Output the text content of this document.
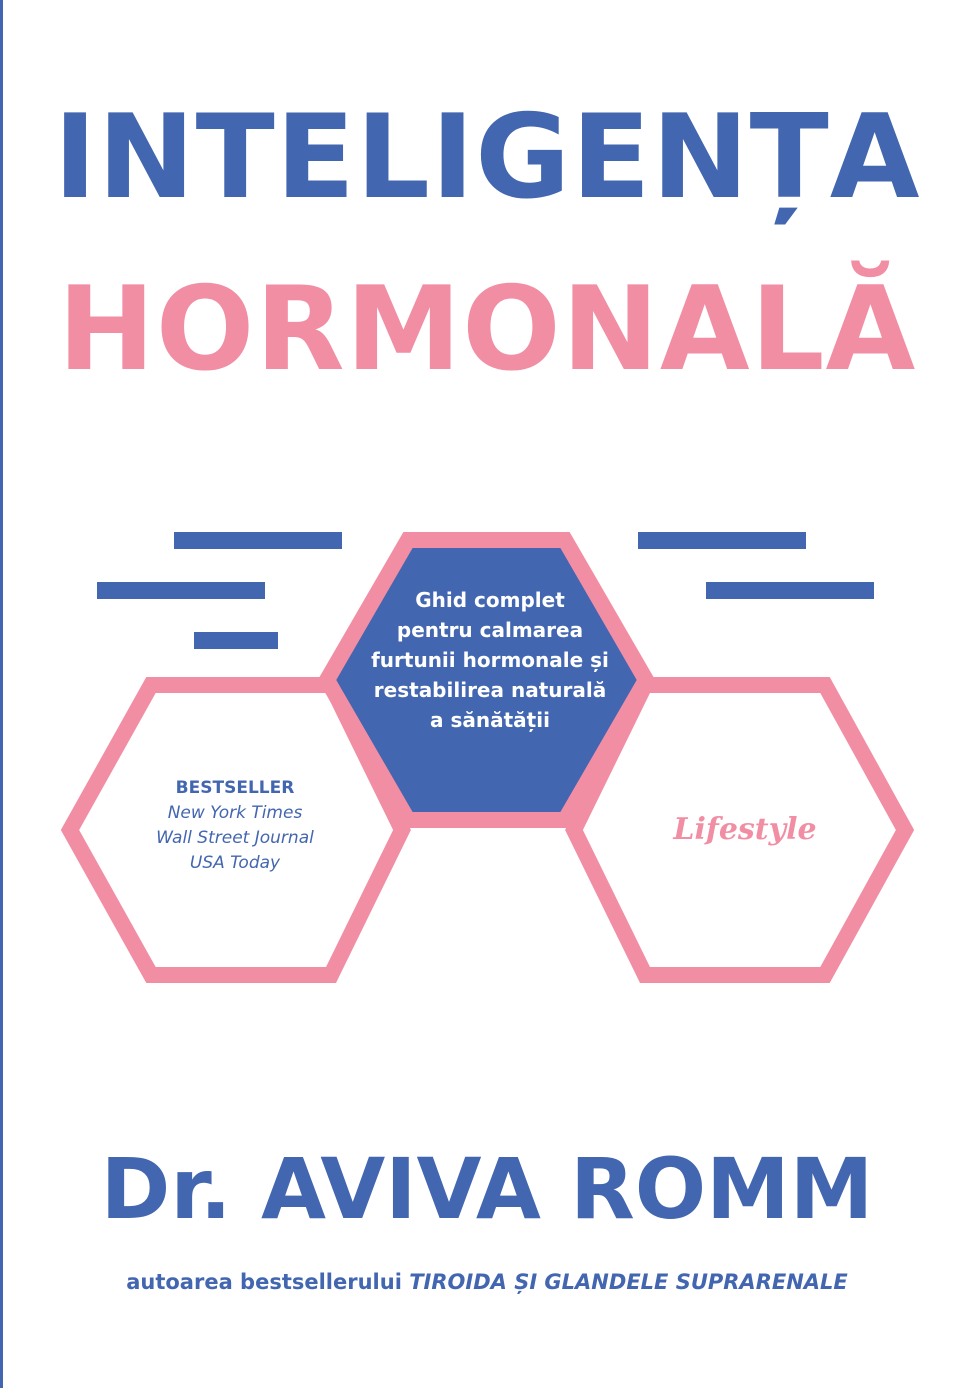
INTELIGENȚA
HORMONALĂ
Ghid complet
pentru calmarea
furtunii hormonale și
restabilirea naturală
a sănătății
BESTSELLER
New York Times
Wall Street Journal
USA Today
Lifestyle
Dr. AVIVA ROMM
autoarea bestsellerului TIROIDA ȘI GLANDELE SUPRARENALE
